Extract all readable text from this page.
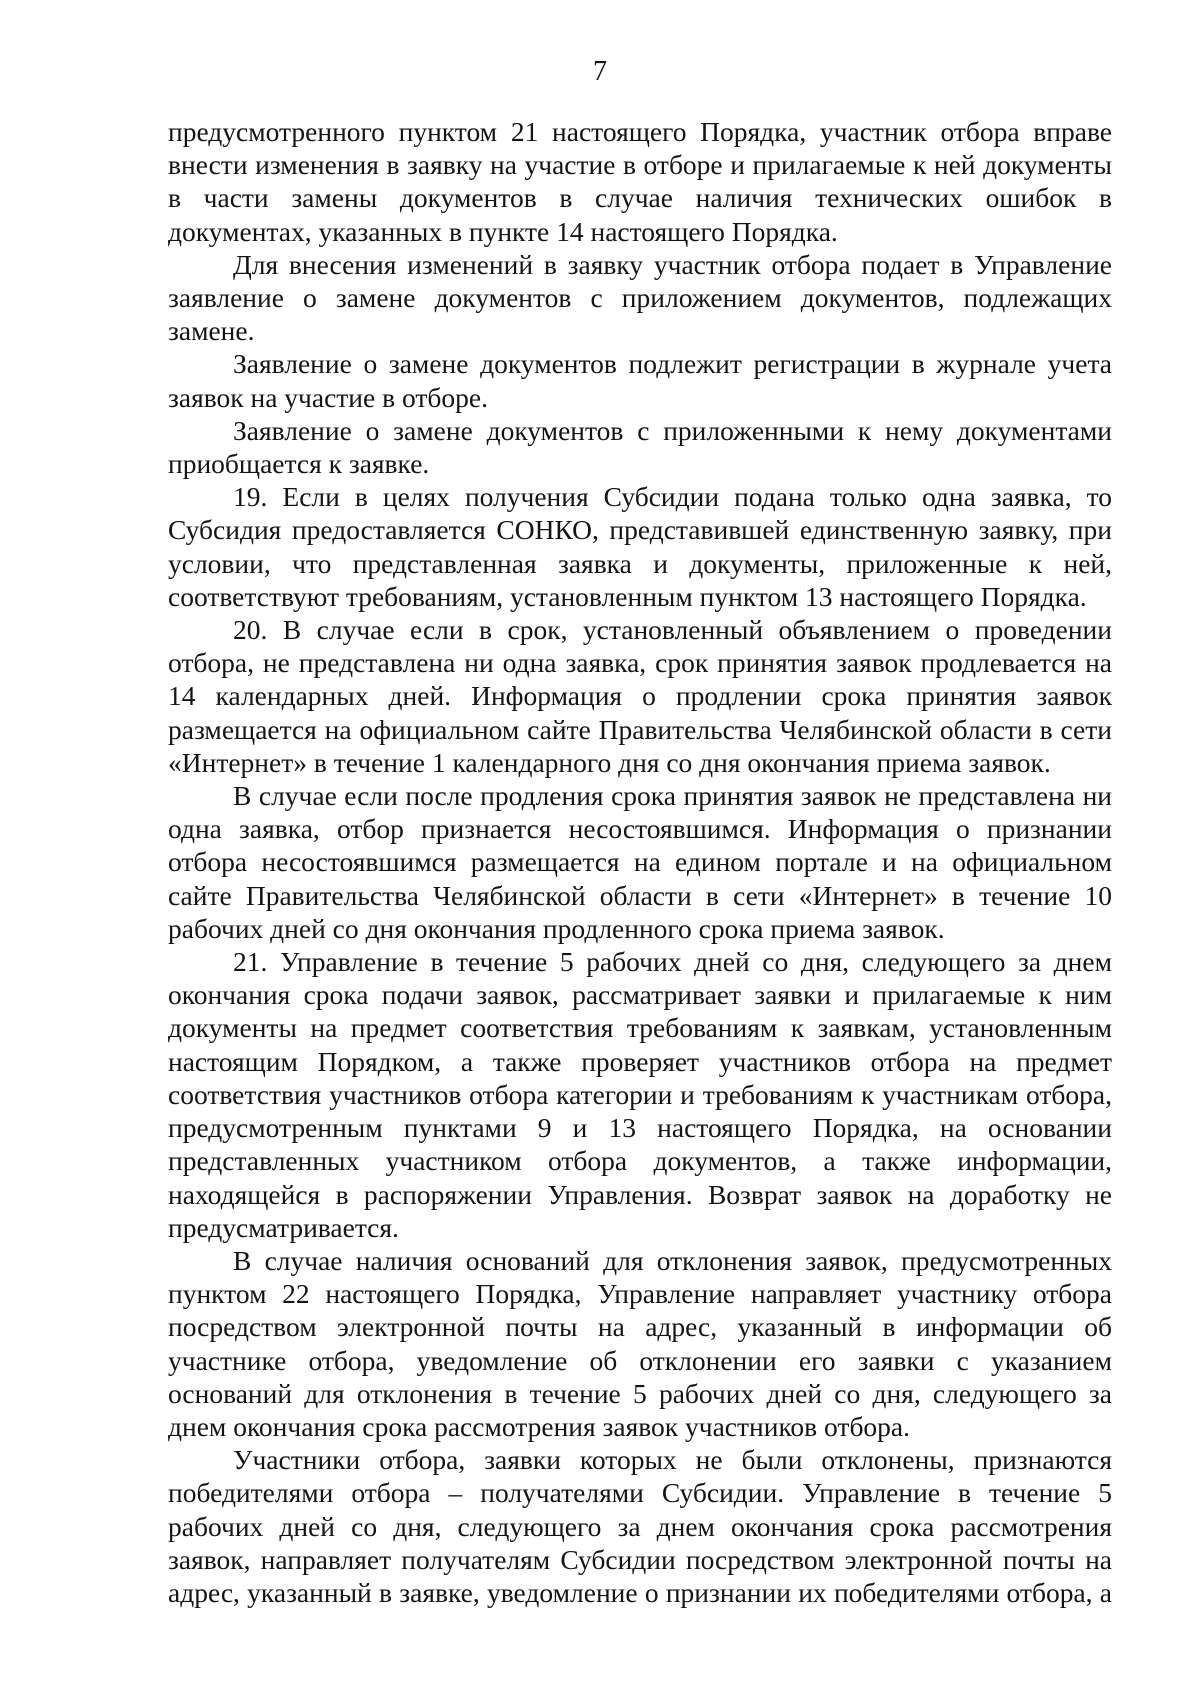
7

предусмотренного пунктом 21 настоящего Порядка, участник отбора вправе внести изменения в заявку на участие в отборе и прилагаемые к ней документы в части замены документов в случае наличия технических ошибок в документах, указанных в пункте 14 настоящего Порядка.

Для внесения изменений в заявку участник отбора подает в Управление заявление о замене документов с приложением документов, подлежащих замене.

Заявление о замене документов подлежит регистрации в журнале учета заявок на участие в отборе.

Заявление о замене документов с приложенными к нему документами приобщается к заявке.

19. Если в целях получения Субсидии подана только одна заявка, то Субсидия предоставляется СОНКО, представившей единственную заявку, при условии, что представленная заявка и документы, приложенные к ней, соответствуют требованиям, установленным пунктом 13 настоящего Порядка.

20. В случае если в срок, установленный объявлением о проведении отбора, не представлена ни одна заявка, срок принятия заявок продлевается на 14 календарных дней. Информация о продлении срока принятия заявок размещается на официальном сайте Правительства Челябинской области в сети «Интернет» в течение 1 календарного дня со дня окончания приема заявок.

В случае если после продления срока принятия заявок не представлена ни одна заявка, отбор признается несостоявшимся. Информация о признании отбора несостоявшимся размещается на едином портале и на официальном сайте Правительства Челябинской области в сети «Интернет» в течение 10 рабочих дней со дня окончания продленного срока приема заявок.

21. Управление в течение 5 рабочих дней со дня, следующего за днем окончания срока подачи заявок, рассматривает заявки и прилагаемые к ним документы на предмет соответствия требованиям к заявкам, установленным настоящим Порядком, а также проверяет участников отбора на предмет соответствия участников отбора категории и требованиям к участникам отбора, предусмотренным пунктами 9 и 13 настоящего Порядка, на основании представленных участником отбора документов, а также информации, находящейся в распоряжении Управления. Возврат заявок на доработку не предусматривается.

В случае наличия оснований для отклонения заявок, предусмотренных пунктом 22 настоящего Порядка, Управление направляет участнику отбора посредством электронной почты на адрес, указанный в информации об участнике отбора, уведомление об отклонении его заявки с указанием оснований для отклонения в течение 5 рабочих дней со дня, следующего за днем окончания срока рассмотрения заявок участников отбора.

Участники отбора, заявки которых не были отклонены, признаются победителями отбора – получателями Субсидии. Управление в течение 5 рабочих дней со дня, следующего за днем окончания срока рассмотрения заявок, направляет получателям Субсидии посредством электронной почты на адрес, указанный в заявке, уведомление о признании их победителями отбора, а
